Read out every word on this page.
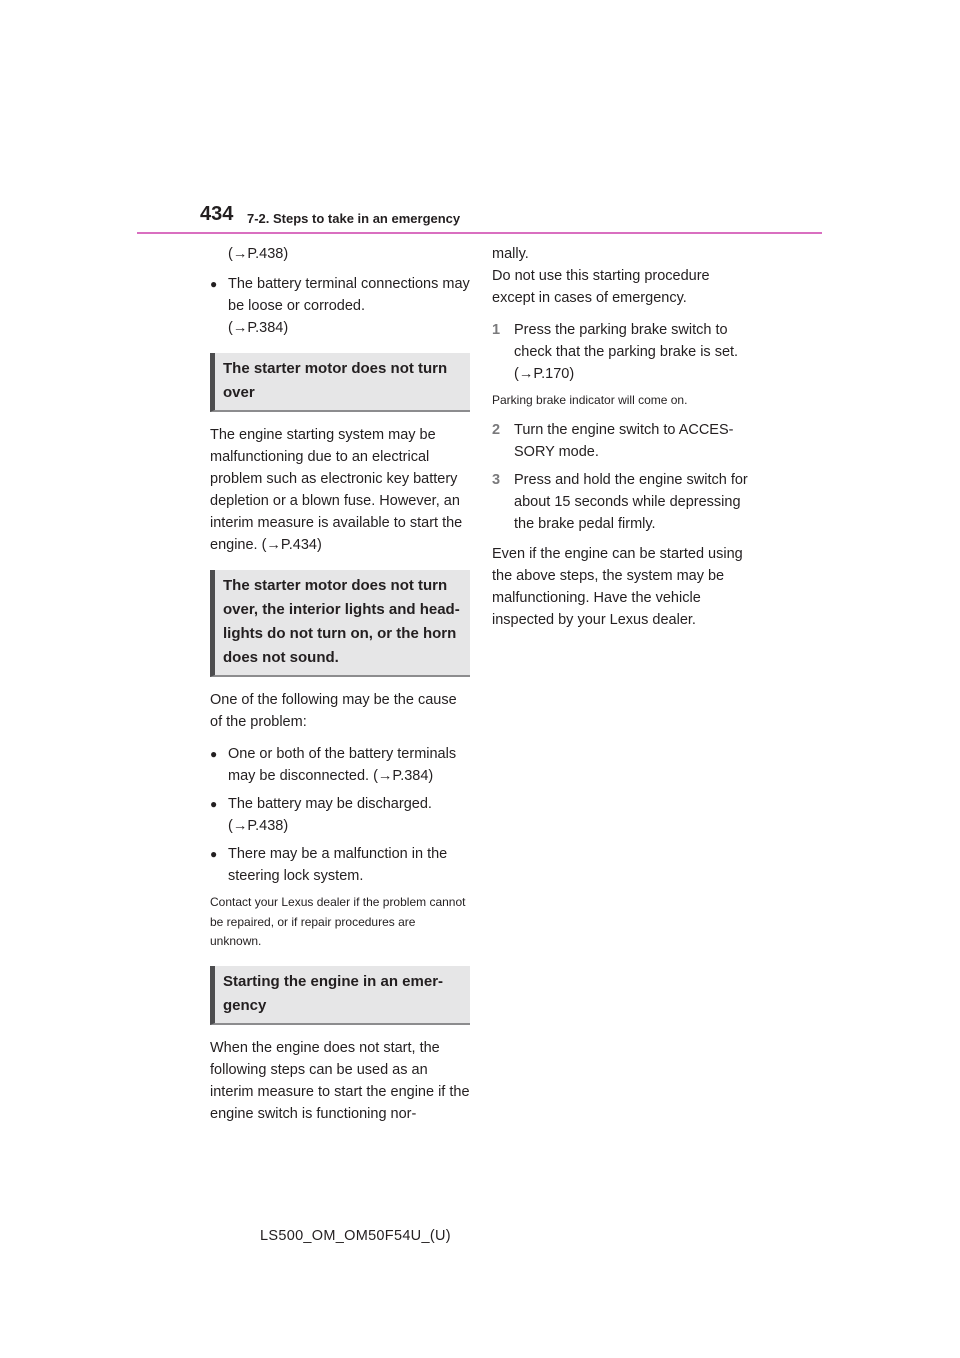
434 7-2. Steps to take in an emergency

(→P.438)

● The battery terminal connections may be loose or corroded.
(→P.384)
The starter motor does not turn over

The engine starting system may be malfunctioning due to an electrical problem such as electronic key battery depletion or a blown fuse. However, an interim measure is available to start the engine. (→P.434)

The starter motor does not turn over, the interior lights and head-lights do not turn on, or the horn does not sound.

One of the following may be the cause of the problem:

● One or both of the battery terminals may be disconnected. (→P.384)
● The battery may be discharged. (→P.438)
● There may be a malfunction in the steering lock system.

Contact your Lexus dealer if the problem cannot be repaired, or if repair procedures are unknown.

Starting the engine in an emer-gency

When the engine does not start, the following steps can be used as an interim measure to start the engine if the engine switch is functioning nor-

mally.

Do not use this starting procedure except in cases of emergency.

1 Press the parking brake switch to check that the parking brake is set. (→P.170)

Parking brake indicator will come on.

2 Turn the engine switch to ACCES-SORY mode.
3 Press and hold the engine switch for about 15 seconds while depressing the brake pedal firmly.

Even if the engine can be started using the above steps, the system may be malfunctioning. Have the vehicle inspected by your Lexus dealer.

LS500_OM_OM50F54U_(U)
